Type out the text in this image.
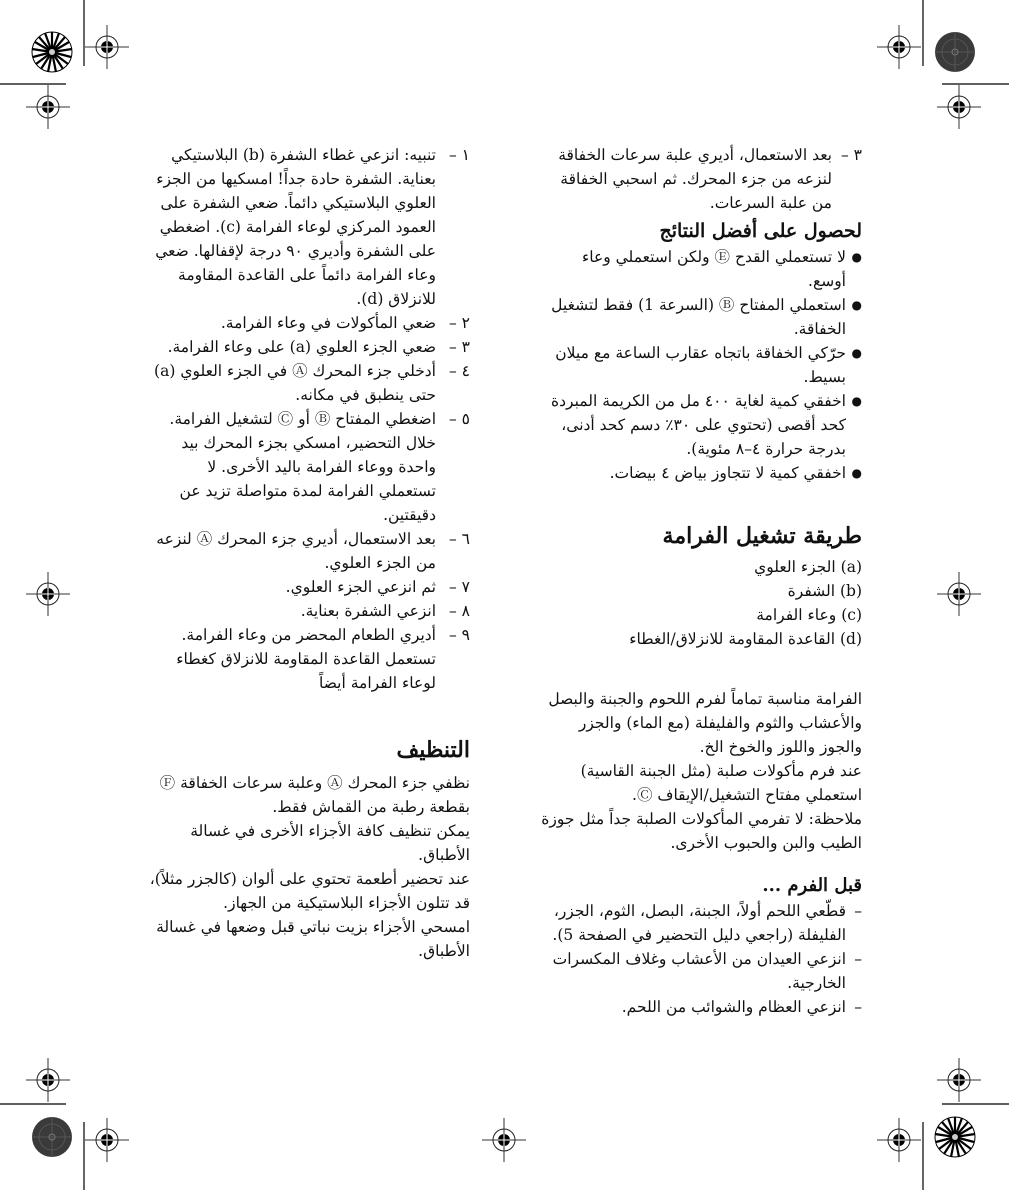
٣ –
بعد الاستعمال، أديري علبة سرعات الخفاقة لنزعه من جزء المحرك. ثم اسحبي الخفاقة من علبة السرعات.
لحصول على أفضل النتائج
●
لا تستعملي القدح Ⓔ ولكن استعملي وعاء أوسع.
●
استعملي المفتاح Ⓑ (السرعة 1) فقط لتشغيل الخفاقة.
●
حرّكي الخفاقة باتجاه عقارب الساعة مع ميلان بسيط.
●
اخفقي كمية لغاية ٤٠٠ مل من الكريمة المبردة كحد أقصى (تحتوي على ٣٠٪ دسم كحد أدنى، بدرجة حرارة ٤–٨ مئوية).
●
اخفقي كمية لا تتجاوز بياض ٤ بيضات.
طريقة تشغيل الفرامة

(a) الجزء العلوي

(b) الشفرة

(c) وعاء الفرامة

(d) القاعدة المقاومة للانزلاق/الغطاء

الفرامة مناسبة تماماً لفرم اللحوم والجبنة والبصل والأعشاب والثوم والفليفلة (مع الماء) والجزر والجوز واللوز والخوخ الخ.

عند فرم مأكولات صلبة (مثل الجبنة القاسية) استعملي مفتاح التشغيل/الإيقاف Ⓒ.

ملاحظة: لا تفرمي المأكولات الصلبة جداً مثل جوزة الطيب والبن والحبوب الأخرى.

قبل الفرم ...
–
قطّعي اللحم أولاً، الجبنة، البصل، الثوم، الجزر، الفليفلة (راجعي دليل التحضير في الصفحة 5).
–
انزعي العيدان من الأعشاب وغلاف المكسرات الخارجية.
–
انزعي العظام والشوائب من اللحم.
١ –
تنبيه: انزعي غطاء الشفرة (b) البلاستيكي بعناية. الشفرة حادة جداً! امسكيها من الجزء العلوي البلاستيكي دائماً. ضعي الشفرة على العمود المركزي لوعاء الفرامة (c). اضغطي على الشفرة وأديري ٩٠ درجة لإقفالها. ضعي وعاء الفرامة دائماً على القاعدة المقاومة للانزلاق (d).
٢ –
ضعي المأكولات في وعاء الفرامة.
٣ –
ضعي الجزء العلوي (a) على وعاء الفرامة.
٤ –
أدخلي جزء المحرك Ⓐ في الجزء العلوي (a) حتى ينطبق في مكانه.
٥ –
اضغطي المفتاح Ⓑ أو Ⓒ لتشغيل الفرامة. خلال التحضير، امسكي بجزء المحرك بيد واحدة ووعاء الفرامة باليد الأخرى. لا تستعملي الفرامة لمدة متواصلة تزيد عن دقيقتين.
٦ –
بعد الاستعمال، أديري جزء المحرك Ⓐ لنزعه من الجزء العلوي.
٧ –
ثم انزعي الجزء العلوي.
٨ –
انزعي الشفرة بعناية.
٩ –
أديري الطعام المحضر من وعاء الفرامة. تستعمل القاعدة المقاومة للانزلاق كغطاء لوعاء الفرامة أيضاً
التنظيف

نظفي جزء المحرك Ⓐ وعلبة سرعات الخفاقة Ⓕ بقطعة رطبة من القماش فقط.

يمكن تنظيف كافة الأجزاء الأخرى في غسالة الأطباق.

عند تحضير أطعمة تحتوي على ألوان (كالجزر مثلاً)، قد تتلون الأجزاء البلاستيكية من الجهاز.

امسحي الأجزاء بزيت نباتي قبل وضعها في غسالة الأطباق.
